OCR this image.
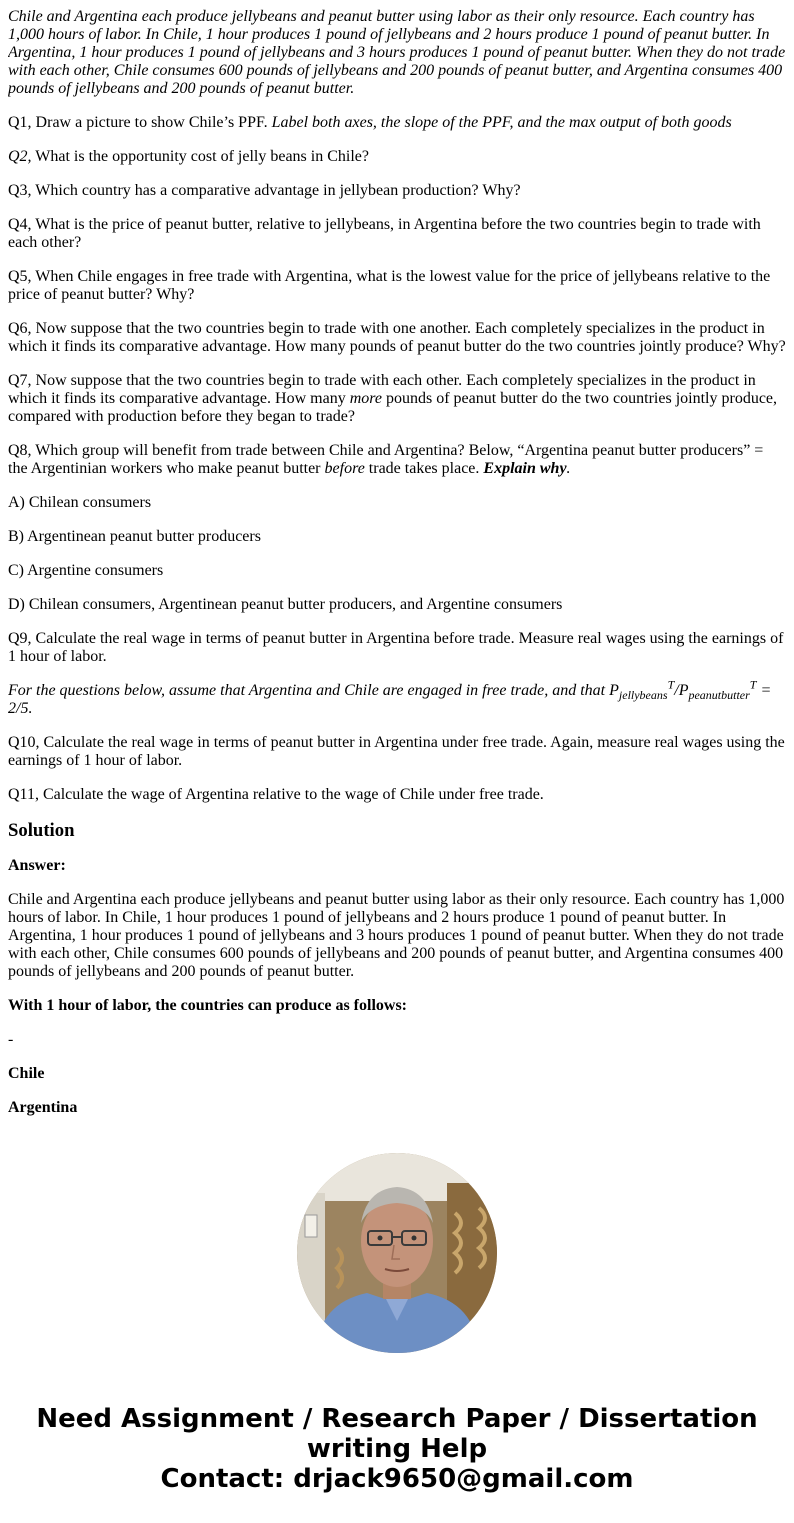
Chile and Argentina each produce jellybeans and peanut butter using labor as their only resource. Each country has 1,000 hours of labor. In Chile, 1 hour produces 1 pound of jellybeans and 2 hours produce 1 pound of peanut butter. In Argentina, 1 hour produces 1 pound of jellybeans and 3 hours produces 1 pound of peanut butter. When they do not trade with each other, Chile consumes 600 pounds of jellybeans and 200 pounds of peanut butter, and Argentina consumes 400 pounds of jellybeans and 200 pounds of peanut butter.

Q1, Draw a picture to show Chile’s PPF. Label both axes, the slope of the PPF, and the max output of both goods

Q2, What is the opportunity cost of jelly beans in Chile?

Q3, Which country has a comparative advantage in jellybean production? Why?

Q4, What is the price of peanut butter, relative to jellybeans, in Argentina before the two countries begin to trade with each other?

Q5, When Chile engages in free trade with Argentina, what is the lowest value for the price of jellybeans relative to the price of peanut butter? Why?

Q6, Now suppose that the two countries begin to trade with one another. Each completely specializes in the product in which it finds its comparative advantage. How many pounds of peanut butter do the two countries jointly produce? Why?

Q7, Now suppose that the two countries begin to trade with each other. Each completely specializes in the product in which it finds its comparative advantage. How many more pounds of peanut butter do the two countries jointly produce, compared with production before they began to trade?

Q8, Which group will benefit from trade between Chile and Argentina? Below, “Argentina peanut butter producers” = the Argentinian workers who make peanut butter before trade takes place. Explain why.

A) Chilean consumers

B) Argentinean peanut butter producers

C) Argentine consumers

D) Chilean consumers, Argentinean peanut butter producers, and Argentine consumers

Q9, Calculate the real wage in terms of peanut butter in Argentina before trade. Measure real wages using the earnings of 1 hour of labor.

For the questions below, assume that Argentina and Chile are engaged in free trade, and that $P_{jellybeans}^T/P_{peanutbutter}^T = 2/5$.

Q10, Calculate the real wage in terms of peanut butter in Argentina under free trade. Again, measure real wages using the earnings of 1 hour of labor.

Q11, Calculate the wage of Argentina relative to the wage of Chile under free trade.

Solution

Answer:

Chile and Argentina each produce jellybeans and peanut butter using labor as their only resource. Each country has 1,000 hours of labor. In Chile, 1 hour produces 1 pound of jellybeans and 2 hours produce 1 pound of peanut butter. In Argentina, 1 hour produces 1 pound of jellybeans and 3 hours produces 1 pound of peanut butter. When they do not trade with each other, Chile consumes 600 pounds of jellybeans and 200 pounds of peanut butter, and Argentina consumes 400 pounds of jellybeans and 200 pounds of peanut butter.

With 1 hour of labor, the countries can produce as follows:

-

Chile

Argentina

Need Assignment / Research Paper / Dissertation
writing Help
Contact: drjack9650@gmail.com
